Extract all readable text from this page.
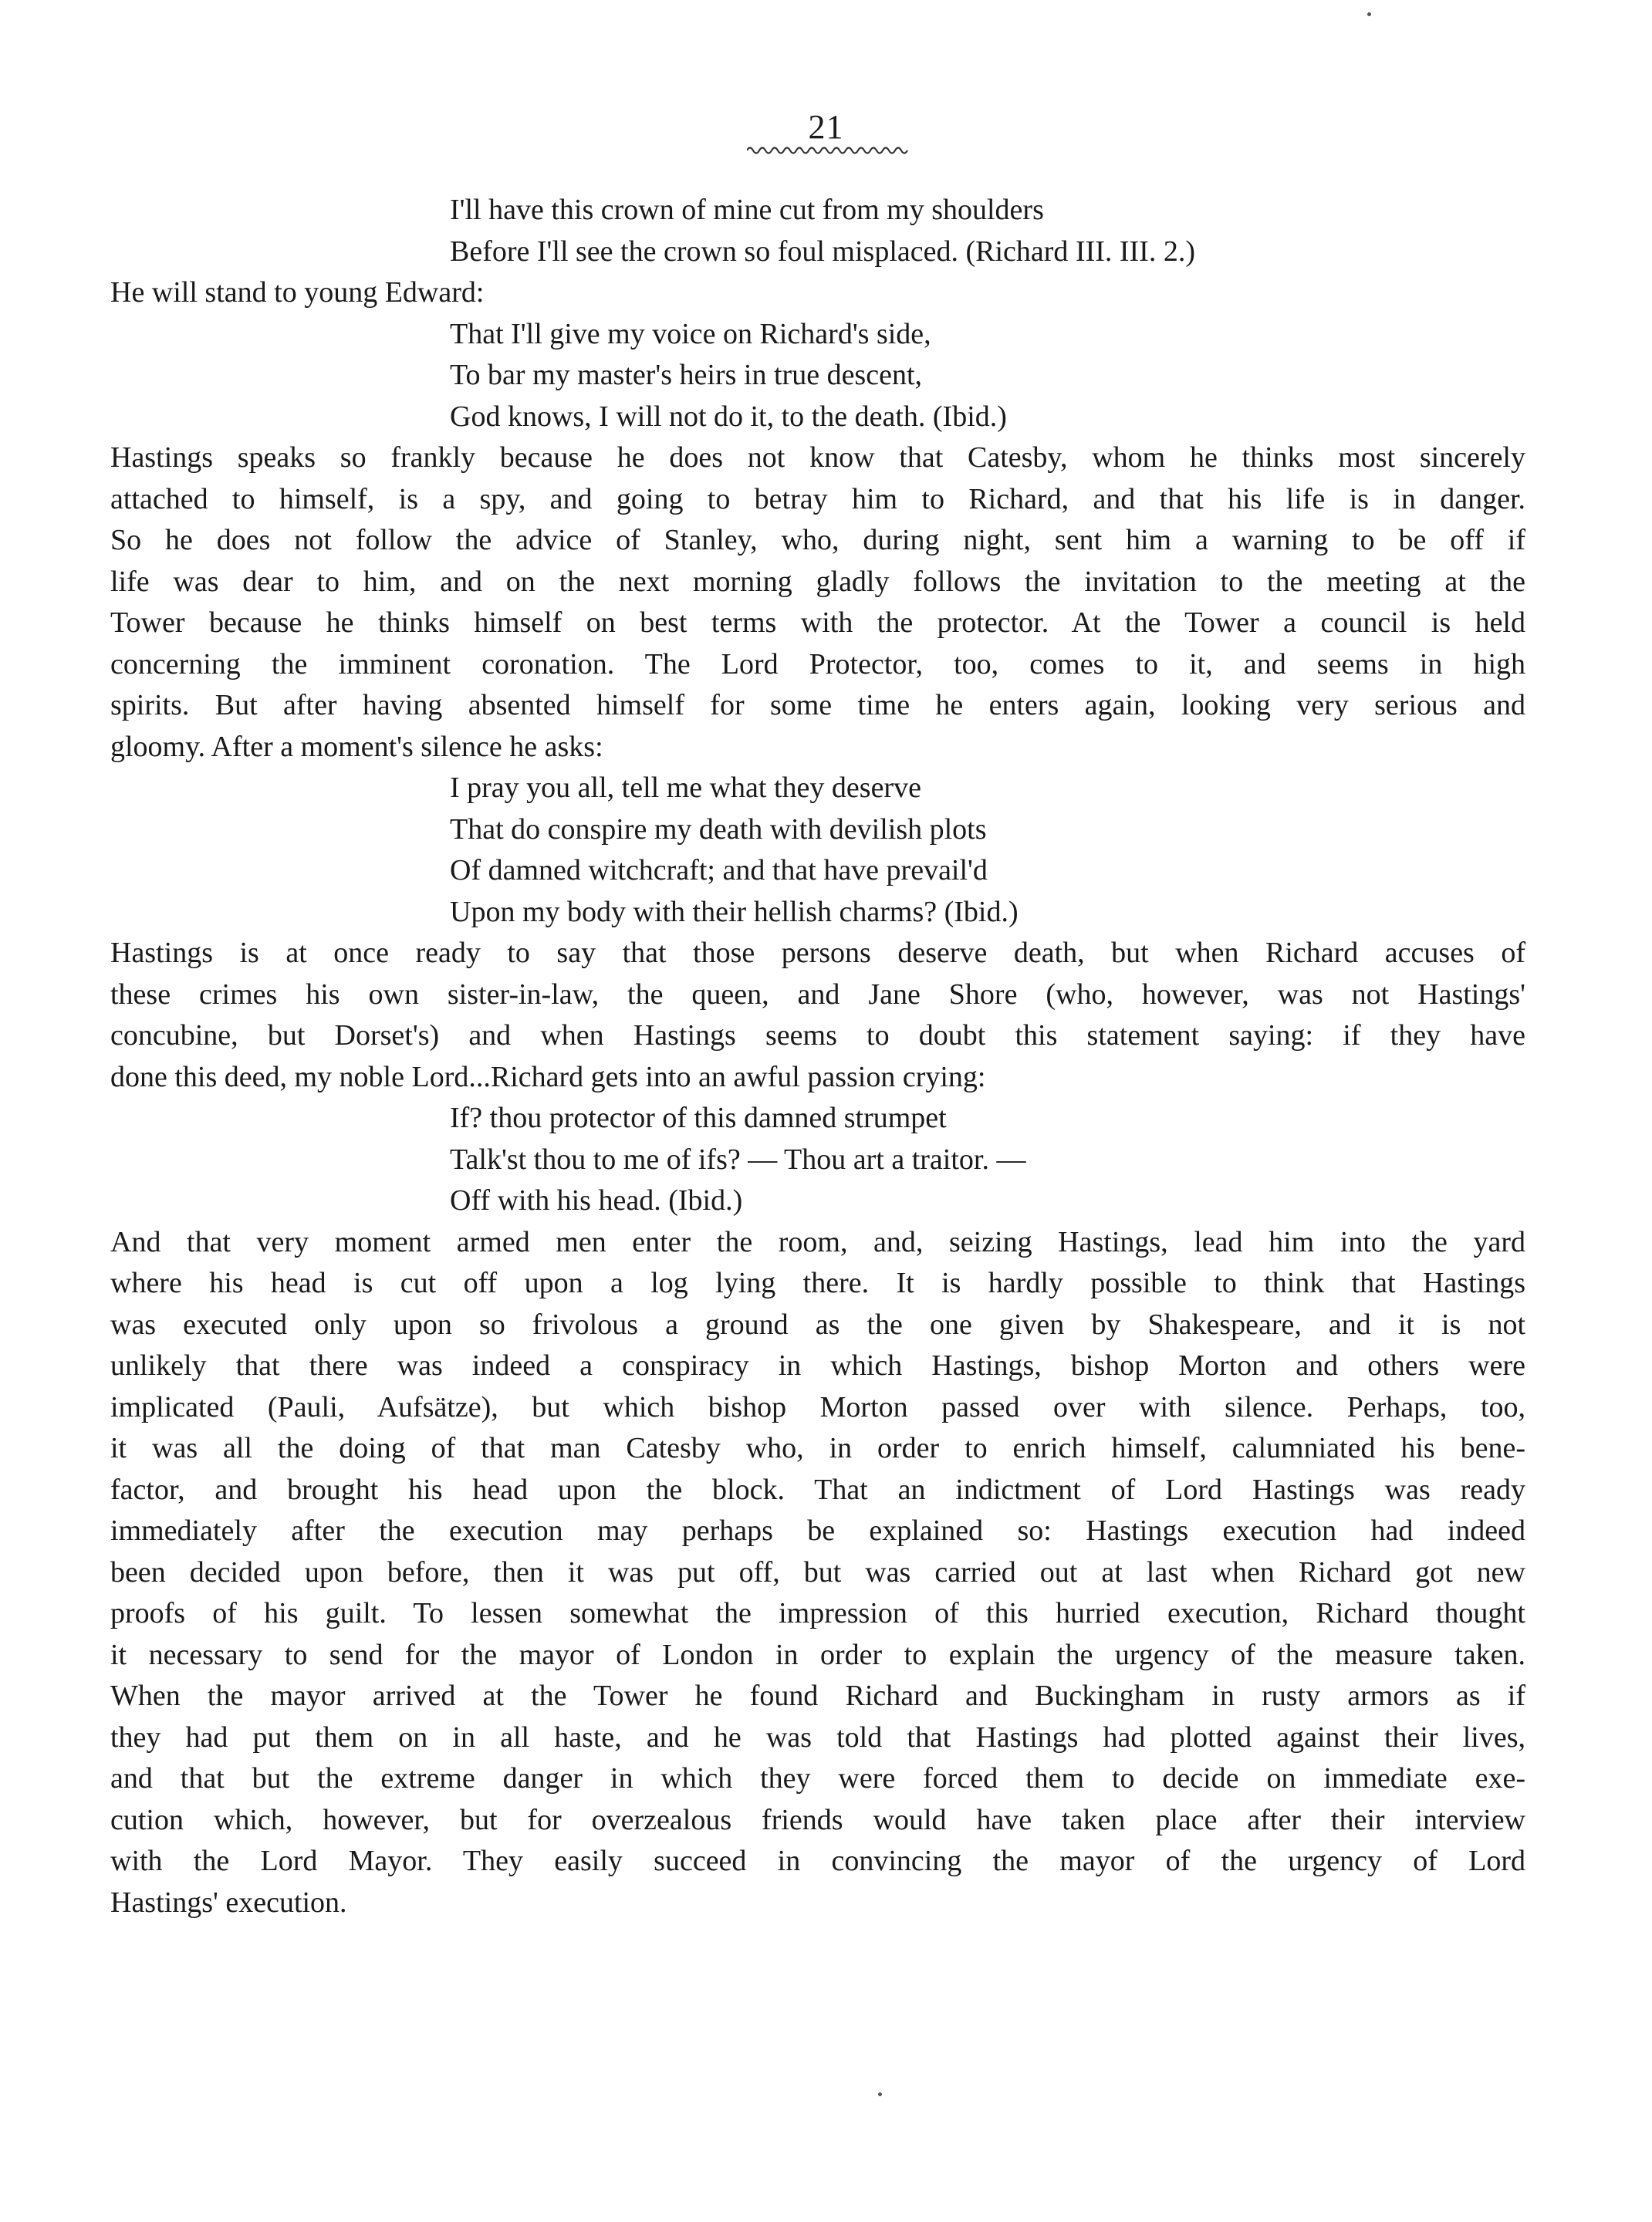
21
I'll have this crown of mine cut from my shoulders
Before I'll see the crown so foul misplaced. (Richard III. III. 2.)
He will stand to young Edward:
That I'll give my voice on Richard's side,
To bar my master's heirs in true descent,
God knows, I will not do it, to the death. (Ibid.)
Hastings speaks so frankly because he does not know that Catesby, whom he thinks most sincerely
attached to himself, is a spy, and going to betray him to Richard, and that his life is in danger.
So he does not follow the advice of Stanley, who, during night, sent him a warning to be off if
life was dear to him, and on the next morning gladly follows the invitation to the meeting at the
Tower because he thinks himself on best terms with the protector. At the Tower a council is held
concerning the imminent coronation. The Lord Protector, too, comes to it, and seems in high
spirits. But after having absented himself for some time he enters again, looking very serious and
gloomy. After a moment's silence he asks:
I pray you all, tell me what they deserve
That do conspire my death with devilish plots
Of damned witchcraft; and that have prevail'd
Upon my body with their hellish charms? (Ibid.)
Hastings is at once ready to say that those persons deserve death, but when Richard accuses of
these crimes his own sister-in-law, the queen, and Jane Shore (who, however, was not Hastings'
concubine, but Dorset's) and when Hastings seems to doubt this statement saying: if they have
done this deed, my noble Lord...Richard gets into an awful passion crying:
If? thou protector of this damned strumpet
Talk'st thou to me of ifs? — Thou art a traitor. —
Off with his head. (Ibid.)
And that very moment armed men enter the room, and, seizing Hastings, lead him into the yard
where his head is cut off upon a log lying there. It is hardly possible to think that Hastings
was executed only upon so frivolous a ground as the one given by Shakespeare, and it is not
unlikely that there was indeed a conspiracy in which Hastings, bishop Morton and others were
implicated (Pauli, Aufsätze), but which bishop Morton passed over with silence. Perhaps, too,
it was all the doing of that man Catesby who, in order to enrich himself, calumniated his bene-
factor, and brought his head upon the block. That an indictment of Lord Hastings was ready
immediately after the execution may perhaps be explained so: Hastings execution had indeed
been decided upon before, then it was put off, but was carried out at last when Richard got new
proofs of his guilt. To lessen somewhat the impression of this hurried execution, Richard thought
it necessary to send for the mayor of London in order to explain the urgency of the measure taken.
When the mayor arrived at the Tower he found Richard and Buckingham in rusty armors as if
they had put them on in all haste, and he was told that Hastings had plotted against their lives,
and that but the extreme danger in which they were forced them to decide on immediate exe-
cution which, however, but for overzealous friends would have taken place after their interview
with the Lord Mayor. They easily succeed in convincing the mayor of the urgency of Lord
Hastings' execution.
